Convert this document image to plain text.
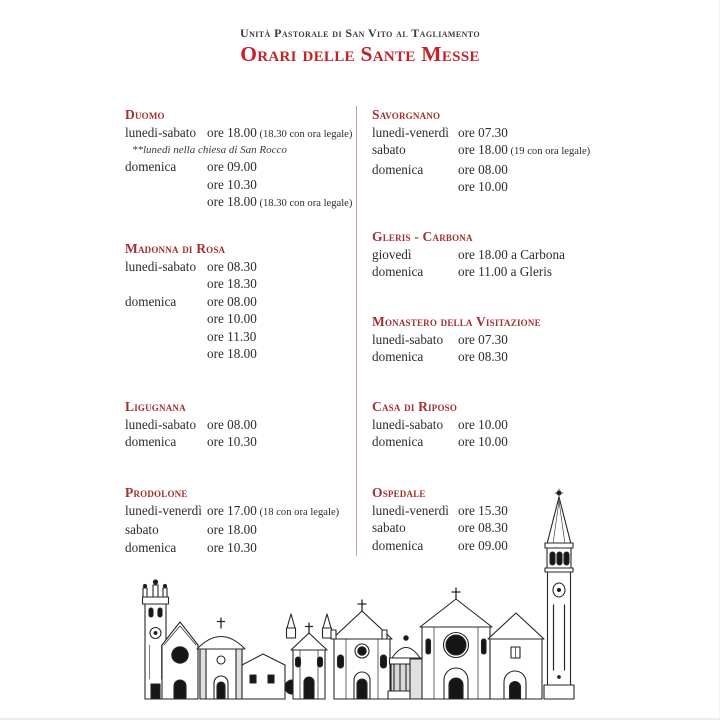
Unità Pastorale di San Vito al Tagliamento
Orari delle Sante Messe
Duomo
lunedi-sabato ore 18.00 (18.30 con ora legale)
**lunedì nella chiesa di San Rocco
domenica	ore 09.00
ore 10.30
ore 18.00 (18.30 con ora legale)
Madonna di Rosa
lunedi-sabato ore 08.30
ore 18.30
domenica	ore 08.00
ore 10.00
ore 11.30
ore 18.00
Ligugnana
lunedi-sabato ore 08.00
domenica	ore 10.30
Prodolone
lunedi-venerdì ore 17.00 (18 con ora legale)
sabato	ore 18.00
domenica	ore 10.30
Savorgnano
lunedi-venerdì ore 07.30
sabato	ore 18.00 (19 con ora legale)
domenica	ore 08.00
ore 10.00
Gleris - Carbona
giovedì	ore 18.00 a Carbona
domenica	ore 11.00 a Gleris
Monastero della Visitazione
lunedi-sabato	ore 07.30
domenica	ore 08.30
Casa di Riposo
lunedi-sabato	ore 10.00
domenica	ore 10.00
Ospedale
lunedi-venerdì ore 15.30
sabato	ore 08.30
domenica	ore 09.00
